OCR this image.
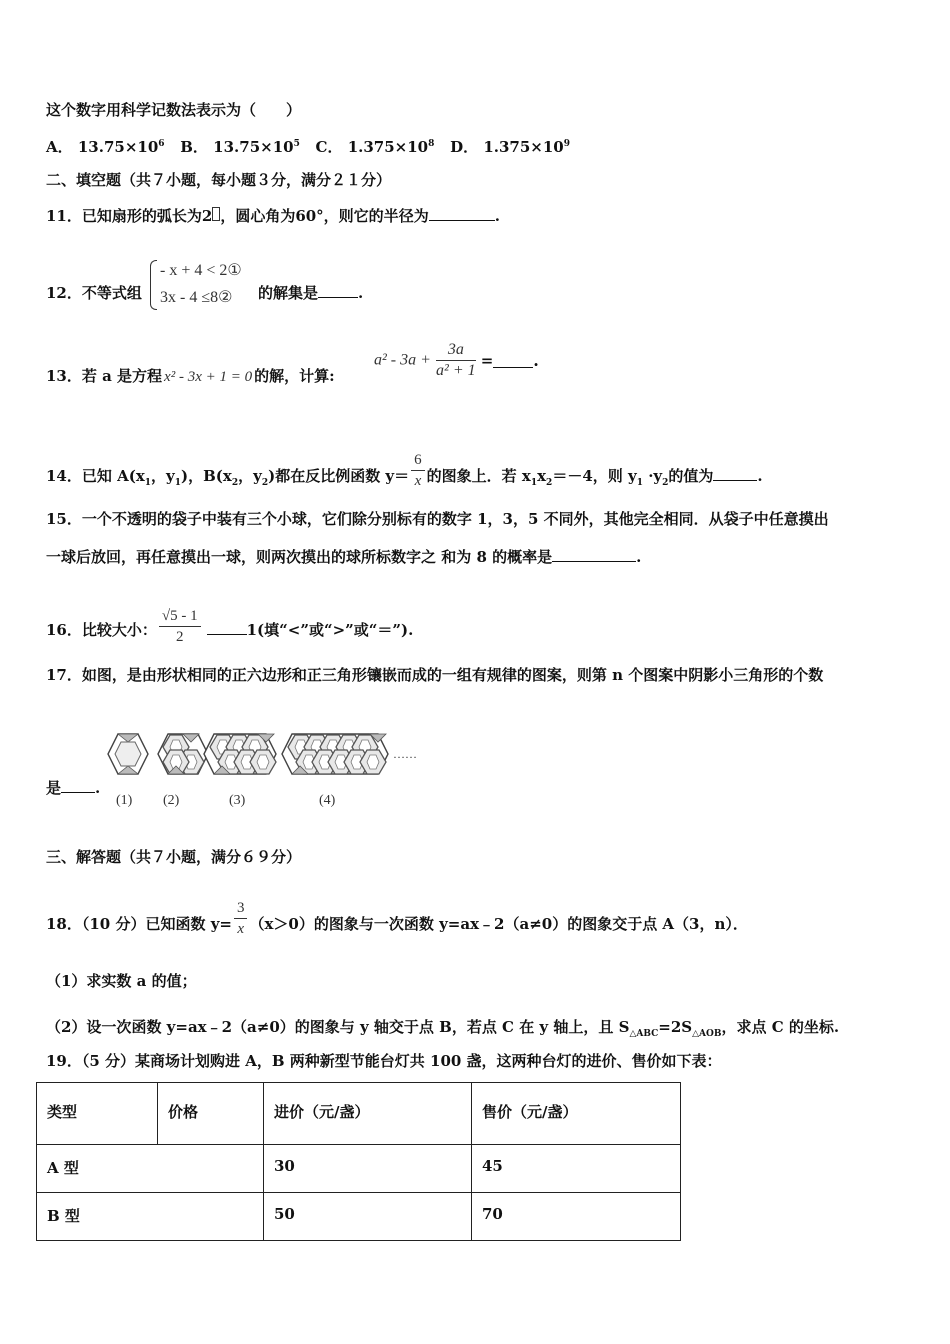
这个数字用科学记数法表示为（　　）
A． $13.75\times 10^6$ B． $13.75\times 10^5$ C． $1.375\times 10^8$ D． $1.375\times 10^9$
二、填空题（共７小题，每小题３分，满分２１分）
11．已知扇形的弧长为2 ，圆心角为60°，则它的半径为	.
12．不等式组
- x + 4 < 2①
3x - 4 ≤8② 的解集是	.
13．若 a 是方程 x² - 3x + 1 = 0 的解，计算:
$a^2 - 3a + \frac{3a}{\text{a² + 1}}$ =	.
14．已知 $A(x_1$，$y_1$)，$B(x_2$，$y_2$)都在反比例函数 $y= \frac{6}{x}$ 的图象上．若 $x_1x_2=-4$，则 $y_1 \cdot y_2$的值为	.
15．一个不透明的袋子中装有三个小球，它们除分别标有的数字 1，3，5 不同外，其他完全相同．从袋子中任意摸出
一球后放回，再任意摸出一球，则两次摸出的球所标数字之 和为 8 的概率是	.
16．比较大小： $\frac{√5 - 1}{2}$	1(填“<”或“>”或“＝”).
17．如图，是由形状相同的正六边形和正三角形镶嵌而成的一组有规律的图案，则第 n 个图案中阴影小三角形的个数
是 .
(1) (2)	(3)	(4)
……
三、解答题（共７小题，满分６９分）
18．（10 分）已知函数 $y= \frac{3}{x} (x>0)$的图象与一次函数 y=ax﹣2（a≠0）的图象交于点 A（3，n）．
（1）求实数 a 的值；
（2）设一次函数 y=ax﹣2（a≠0）的图象与 y 轴交于点 B，若点 C 在 y 轴上，且 $S_{\triangle ABC}=2S_{\triangle AOB}$，求点 C 的坐标.
19．（5 分）某商场计划购进 A，B 两种新型节能台灯共 100 盏，这两种台灯的进价、售价如下表：
类型	价格	进价（元/盏）	售价（元/盏）
A 型		30	45
B 型		50	70
